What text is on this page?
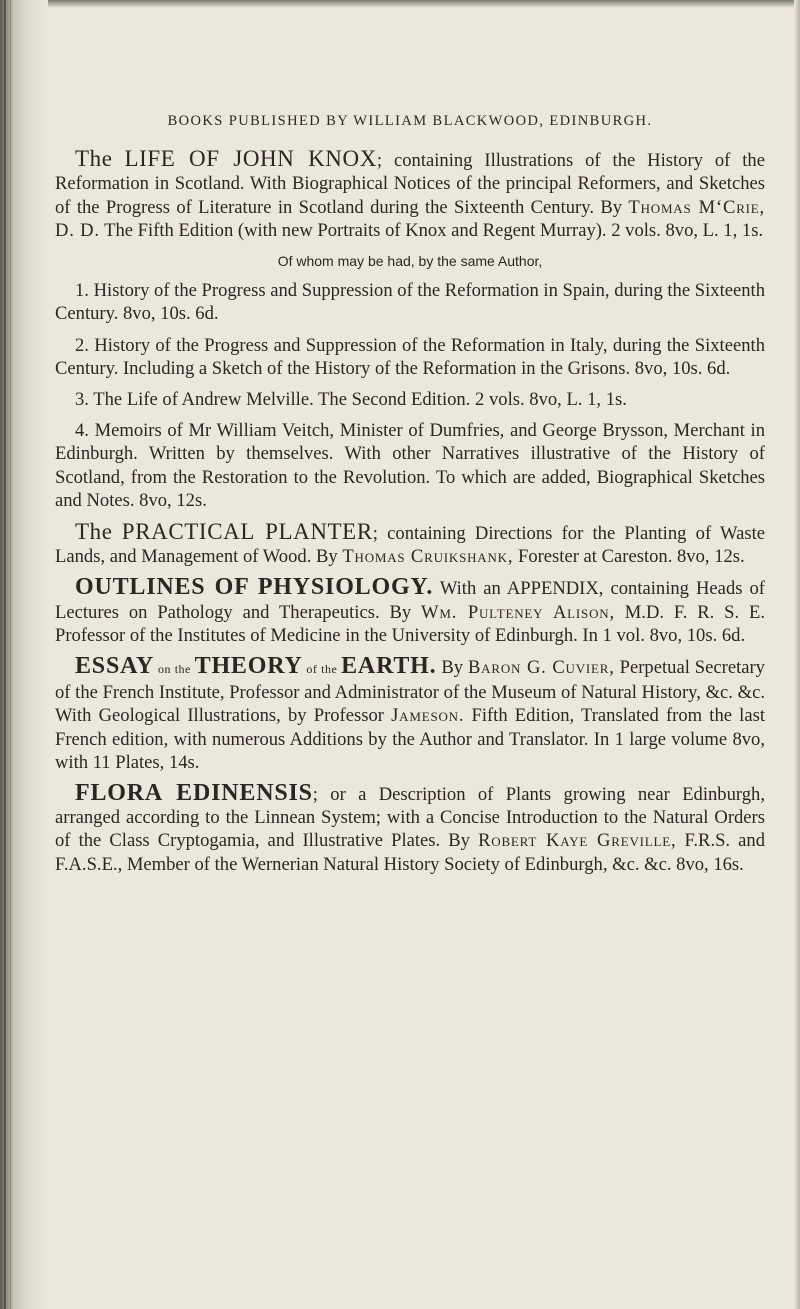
BOOKS PUBLISHED BY WILLIAM BLACKWOOD, EDINBURGH.

The LIFE OF JOHN KNOX; containing Illustrations of the History of the Reformation in Scotland. With Biographical Notices of the principal Reformers, and Sketches of the Progress of Literature in Scotland during the Sixteenth Century. By Thomas M‘Crie, D. D. The Fifth Edition (with new Portraits of Knox and Regent Murray). 2 vols. 8vo, L. 1, 1s.

Of whom may be had, by the same Author,

1. History of the Progress and Suppression of the Reformation in Spain, during the Sixteenth Century. 8vo, 10s. 6d.

2. History of the Progress and Suppression of the Reformation in Italy, during the Sixteenth Century. Including a Sketch of the History of the Reformation in the Grisons. 8vo, 10s. 6d.

3. The Life of Andrew Melville. The Second Edition. 2 vols. 8vo, L. 1, 1s.

4. Memoirs of Mr William Veitch, Minister of Dumfries, and George Brysson, Merchant in Edinburgh. Written by themselves. With other Narratives illustrative of the History of Scotland, from the Restoration to the Revolution. To which are added, Biographical Sketches and Notes. 8vo, 12s.

The PRACTICAL PLANTER; containing Directions for the Planting of Waste Lands, and Management of Wood. By Thomas Cruikshank, Forester at Careston. 8vo, 12s.

OUTLINES OF PHYSIOLOGY. With an APPENDIX, containing Heads of Lectures on Pathology and Therapeutics. By Wm. Pulteney Alison, M.D. F. R. S. E. Professor of the Institutes of Medicine in the University of Edinburgh. In 1 vol. 8vo, 10s. 6d.

ESSAY on the THEORY of the EARTH. By Baron G. Cuvier, Perpetual Secretary of the French Institute, Professor and Administrator of the Museum of Natural History, &c. &c. With Geological Illustrations, by Professor Jameson. Fifth Edition, Translated from the last French edition, with numerous Additions by the Author and Translator. In 1 large volume 8vo, with 11 Plates, 14s.

FLORA EDINENSIS; or a Description of Plants growing near Edinburgh, arranged according to the Linnean System; with a Concise Introduction to the Natural Orders of the Class Cryptogamia, and Illustrative Plates. By Robert Kaye Greville, F.R.S. and F.A.S.E., Member of the Wernerian Natural History Society of Edinburgh, &c. &c. 8vo, 16s.
